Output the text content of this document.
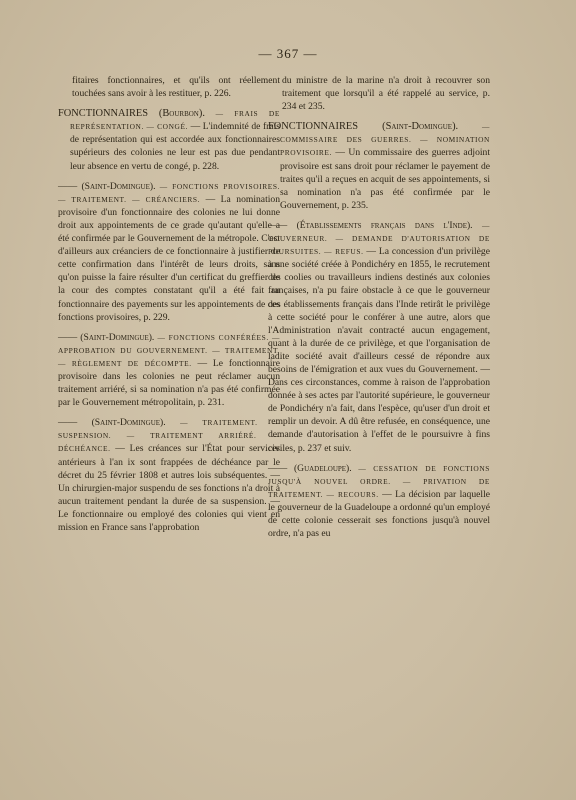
— 367 —

fitaires fonctionnaires, et qu'ils ont réellement touchées sans avoir à les restituer, p. 226.

FONCTIONNAIRES (Bourbon). — FRAIS DE REPRÉSENTATION. — CONGÉ. — L'indemnité de frais de représentation qui est accordée aux fonctionnaires supérieurs des colonies ne leur est pas due pendant leur absence en vertu de congé, p. 228.

—— (Saint-Domingue). — FONCTIONS PROVISOIRES. — TRAITEMENT. — CRÉANCIERS. — La nomination provisoire d'un fonctionnaire des colonies ne lui donne droit aux appointements de ce grade qu'autant qu'elle a été confirmée par le Gouvernement de la métropole. C'est d'ailleurs aux créanciers de ce fonctionnaire à justifier de cette confirmation dans l'intérêt de leurs droits, sans qu'on puisse la faire résulter d'un certificat du greffier de la cour des comptes constatant qu'il a été fait au fonctionnaire des payements sur les appointements de ces fonctions provisoires, p. 229.

—— (Saint-Domingue). — FONCTIONS CONFÉRÉES. — APPROBATION DU GOUVERNEMENT. — TRAITEMENT. — RÈGLEMENT DE DÉCOMPTE. — Le fonctionnaire provisoire dans les colonies ne peut réclamer aucun traitement arriéré, si sa nomination n'a pas été confirmée par le Gouvernement métropolitain, p. 231.

—— (Saint-Domingue). — TRAITEMENT. — SUSPENSION. — TRAITEMENT ARRIÉRÉ. — DÉCHÉANCE. — Les créances sur l'État pour services antérieurs à l'an ix sont frappées de déchéance par le décret du 25 février 1808 et autres lois subséquentes. — Un chirurgien-major suspendu de ses fonctions n'a droit à aucun traitement pendant la durée de sa suspension. — Le fonctionnaire ou employé des colonies qui vient en mission en France sans l'approbation

du ministre de la marine n'a droit à recouvrer son traitement que lorsqu'il a été rappelé au service, p. 234 et 235.

FONCTIONNAIRES (Saint-Domingue).	— COMMISSAIRE DES GUERRES. — NOMINATION PROVISOIRE. — Un commissaire des guerres adjoint provisoire est sans droit pour réclamer le payement de traites qu'il a reçues en acquit de ses appointements, si sa nomination n'a pas été confirmée par le Gouvernement, p. 235.

—— (Établissements français dans l'Inde). — GOUVERNEUR. — DEMANDE D'AUTORISATION DE POURSUITES. — REFUS. — La concession d'un privilège à une société créée à Pondichéry en 1855, le recrutement des coolies ou travailleurs indiens destinés aux colonies françaises, n'a pu faire obstacle à ce que le gouverneur des établissements français dans l'Inde retirât le privilège à cette société pour le conférer à une autre, alors que l'Administration n'avait contracté aucun engagement, quant à la durée de ce privilège, et que l'organisation de ladite société avait d'ailleurs cessé de répondre aux besoins de l'émigration et aux vues du Gouvernement. — Dans ces circonstances, comme à raison de l'approbation donnée à ses actes par l'autorité supérieure, le gouverneur de Pondichéry n'a fait, dans l'espèce, qu'user d'un droit et remplir un devoir. A dû être refusée, en conséquence, une demande d'autorisation à l'effet de le poursuivre à fins civiles, p. 237 et suiv.

—— (Guadeloupe). — CESSATION DE FONCTIONS JUSQU'À NOUVEL ORDRE. — PRIVATION DE TRAITEMENT. — RECOURS. — La décision par laquelle le gouverneur de la Guadeloupe a ordonné qu'un employé de cette colonie cesserait ses fonctions jusqu'à nouvel ordre, n'a pas eu
